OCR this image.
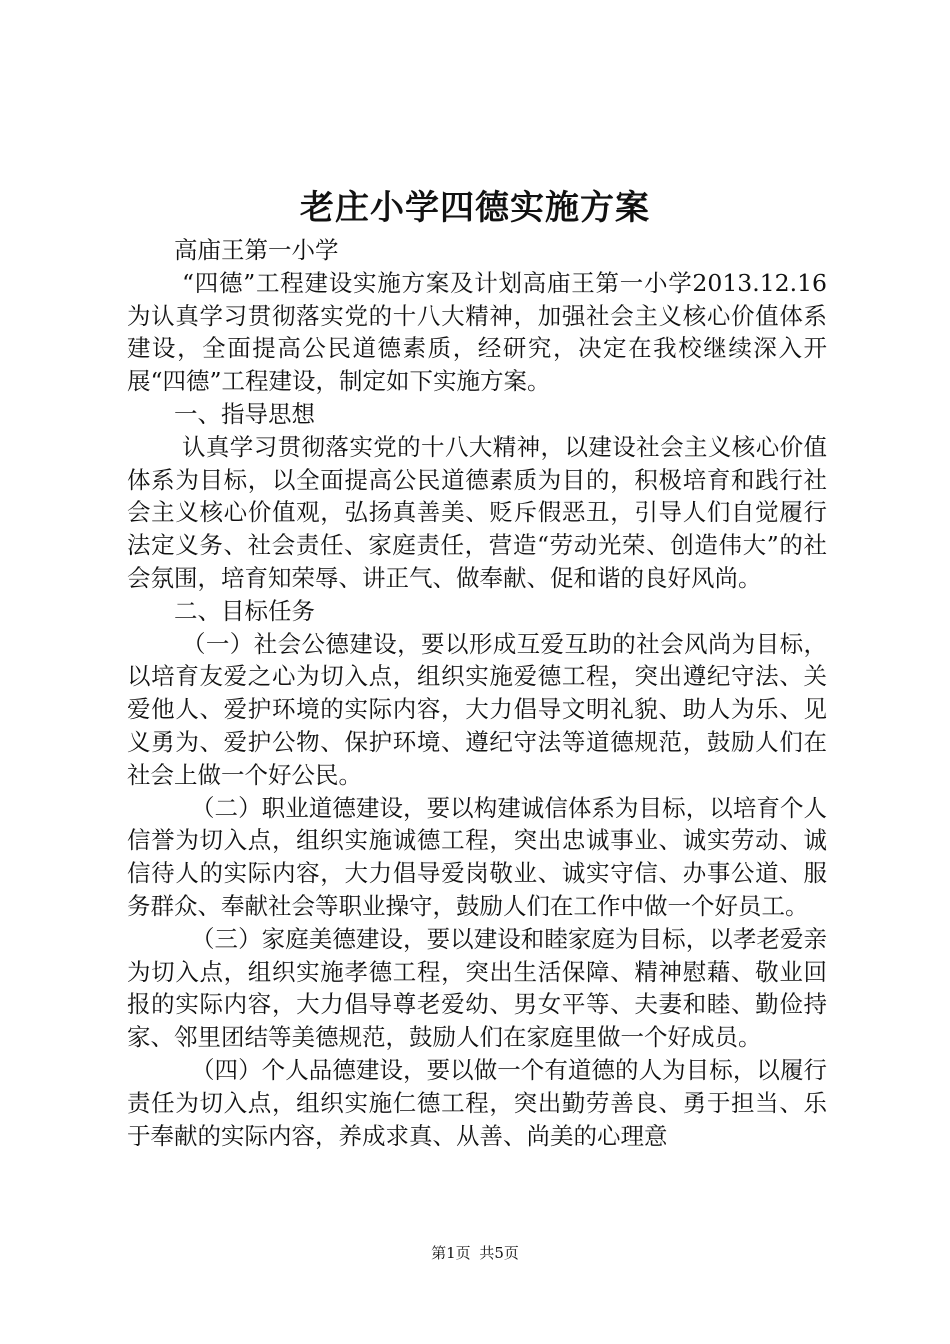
老庄小学四德实施方案

高庙王第一小学

“四德”工程建设实施方案及计划高庙王第一小学2013.12.16为认真学习贯彻落实党的十八大精神，加强社会主义核心价值体系建设，全面提高公民道德素质，经研究，决定在我校继续深入开展“四德”工程建设，制定如下实施方案。

一、指导思想

认真学习贯彻落实党的十八大精神，以建设社会主义核心价值体系为目标，以全面提高公民道德素质为目的，积极培育和践行社会主义核心价值观，弘扬真善美、贬斥假恶丑，引导人们自觉履行法定义务、社会责任、家庭责任，营造“劳动光荣、创造伟大”的社会氛围，培育知荣辱、讲正气、做奉献、促和谐的良好风尚。

二、目标任务

（一）社会公德建设，要以形成互爱互助的社会风尚为目标，以培育友爱之心为切入点，组织实施爱德工程，突出遵纪守法、关爱他人、爱护环境的实际内容，大力倡导文明礼貌、助人为乐、见义勇为、爱护公物、保护环境、遵纪守法等道德规范，鼓励人们在社会上做一个好公民。

（二）职业道德建设，要以构建诚信体系为目标，以培育个人信誉为切入点，组织实施诚德工程，突出忠诚事业、诚实劳动、诚信待人的实际内容，大力倡导爱岗敬业、诚实守信、办事公道、服务群众、奉献社会等职业操守，鼓励人们在工作中做一个好员工。

（三）家庭美德建设，要以建设和睦家庭为目标，以孝老爱亲为切入点，组织实施孝德工程，突出生活保障、精神慰藉、敬业回报的实际内容，大力倡导尊老爱幼、男女平等、夫妻和睦、勤俭持家、邻里团结等美德规范，鼓励人们在家庭里做一个好成员。

（四）个人品德建设，要以做一个有道德的人为目标，以履行责任为切入点，组织实施仁德工程，突出勤劳善良、勇于担当、乐于奉献的实际内容，养成求真、从善、尚美的心理意

第1页 共5页
